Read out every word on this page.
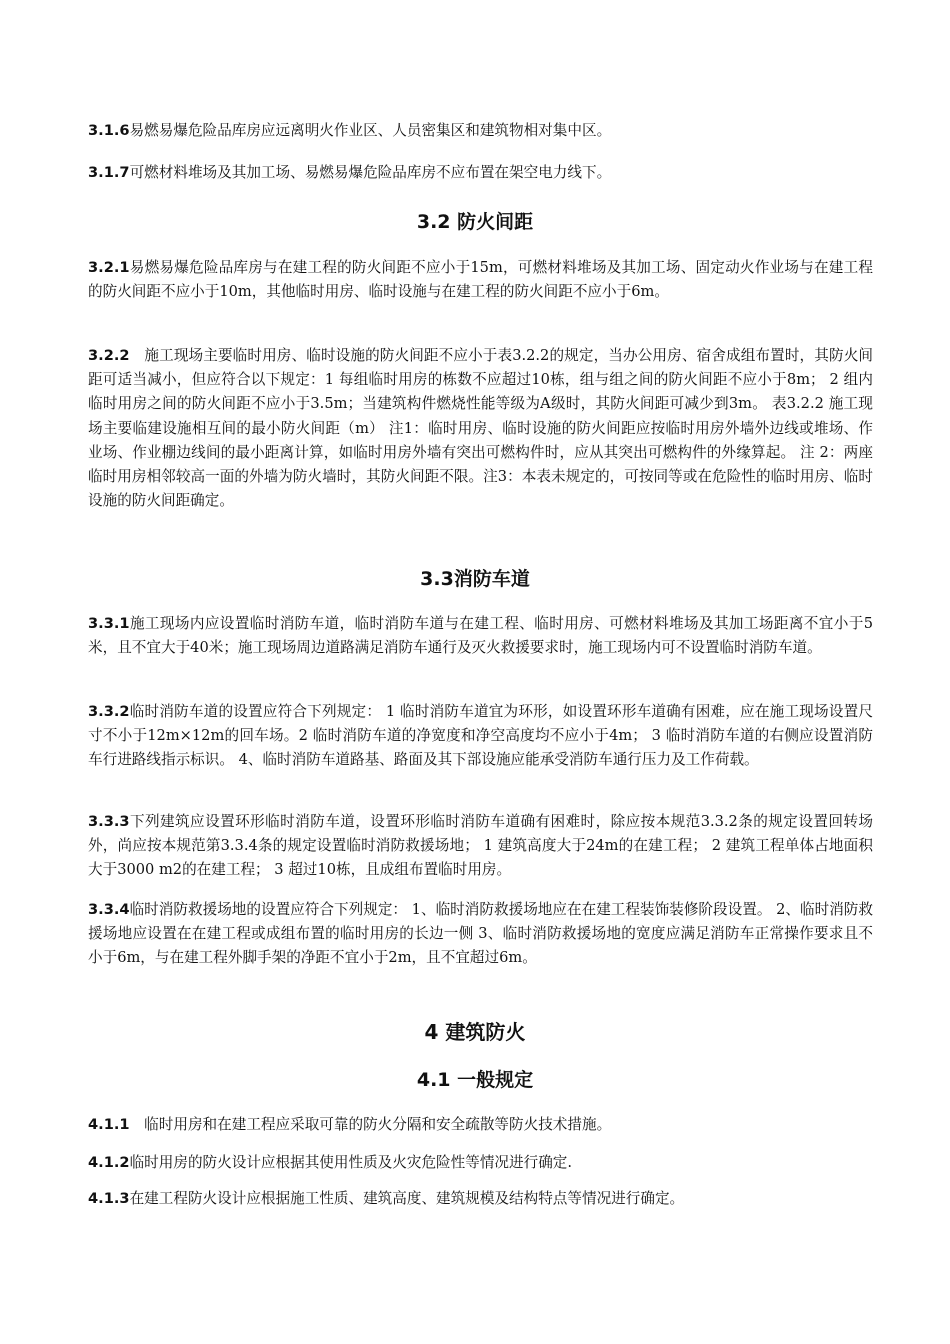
3.1.6易燃易爆危险品库房应远离明火作业区、人员密集区和建筑物相对集中区。

3.1.7可燃材料堆场及其加工场、易燃易爆危险品库房不应布置在架空电力线下。

3.2 防火间距

3.2.1易燃易爆危险品库房与在建工程的防火间距不应小于15m，可燃材料堆场及其加工场、固定动火作业场与在建工程的防火间距不应小于10m，其他临时用房、临时设施与在建工程的防火间距不应小于6m。

3.2.2　施工现场主要临时用房、临时设施的防火间距不应小于表3.2.2的规定，当办公用房、宿舍成组布置时，其防火间距可适当减小，但应符合以下规定：1 每组临时用房的栋数不应超过10栋，组与组之间的防火间距不应小于8m； 2 组内临时用房之间的防火间距不应小于3.5m；当建筑构件燃烧性能等级为A级时，其防火间距可减少到3m。 表3.2.2 施工现场主要临建设施相互间的最小防火间距（m） 注1：临时用房、临时设施的防火间距应按临时用房外墙外边线或堆场、作业场、作业棚边线间的最小距离计算，如临时用房外墙有突出可燃构件时，应从其突出可燃构件的外缘算起。 注 2：两座临时用房相邻较高一面的外墙为防火墙时，其防火间距不限。注3：本表未规定的，可按同等或在危险性的临时用房、临时设施的防火间距确定。

3.3消防车道

3.3.1施工现场内应设置临时消防车道，临时消防车道与在建工程、临时用房、可燃材料堆场及其加工场距离不宜小于5米，且不宜大于40米；施工现场周边道路满足消防车通行及灭火救援要求时，施工现场内可不设置临时消防车道。

3.3.2临时消防车道的设置应符合下列规定： 1 临时消防车道宜为环形，如设置环形车道确有困难，应在施工现场设置尺寸不小于12m×12m的回车场。2 临时消防车道的净宽度和净空高度均不应小于4m； 3 临时消防车道的右侧应设置消防车行进路线指示标识。 4、临时消防车道路基、路面及其下部设施应能承受消防车通行压力及工作荷载。

3.3.3下列建筑应设置环形临时消防车道，设置环形临时消防车道确有困难时，除应按本规范3.3.2条的规定设置回转场外，尚应按本规范第3.3.4条的规定设置临时消防救援场地； 1 建筑高度大于24m的在建工程； 2 建筑工程单体占地面积大于3000 m2的在建工程； 3 超过10栋，且成组布置临时用房。

3.3.4临时消防救援场地的设置应符合下列规定： 1、临时消防救援场地应在在建工程装饰装修阶段设置。 2、临时消防救援场地应设置在在建工程或成组布置的临时用房的长边一侧 3、临时消防救援场地的宽度应满足消防车正常操作要求且不小于6m，与在建工程外脚手架的净距不宜小于2m，且不宜超过6m。

4 建筑防火
4.1 一般规定

4.1.1　临时用房和在建工程应采取可靠的防火分隔和安全疏散等防火技术措施。

4.1.2临时用房的防火设计应根据其使用性质及火灾危险性等情况进行确定.

4.1.3在建工程防火设计应根据施工性质、建筑高度、建筑规模及结构特点等情况进行确定。
